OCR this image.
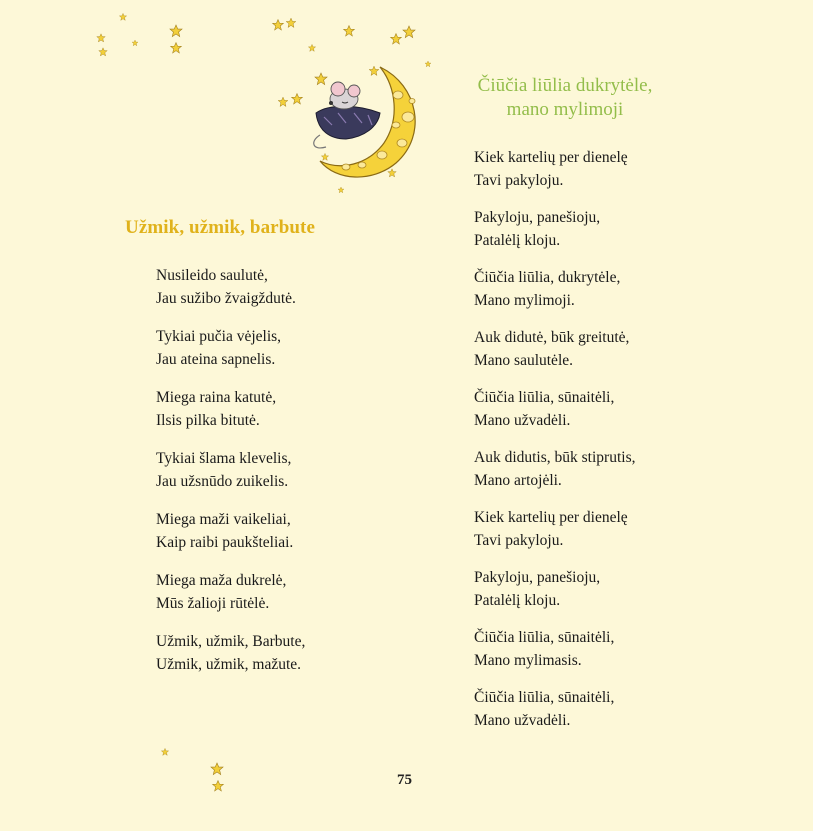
Užmik, užmik, barbute
Nusileido saulutė,
Jau sužibo žvaigždutė.
Tykiai pučia vėjelis,
Jau ateina sapnelis.
Miega raina katutė,
Ilsis pilka bitutė.
Tykiai šlama klevelis,
Jau užsnūdo zuikelis.
Miega maži vaikeliai,
Kaip raibi paukšteliai.
Miega maža dukrelė,
Mūs žalioji rūtėlė.
Užmik, užmik, Barbute,
Užmik, užmik, mažute.
Čiūčia liūlia dukrytėle,
mano mylimoji
Kiek kartelių per dienelę
Tavi pakyloju.
Pakyloju, panešioju,
Patalėlį kloju.
Čiūčia liūlia, dukrytėle,
Mano mylimoji.
Auk didutė, būk greitutė,
Mano saulutėle.
Čiūčia liūlia, sūnaitėli,
Mano užvadėli.
Auk didutis, būk stiprutis,
Mano artojėli.
Kiek kartelių per dienelę
Tavi pakyloju.
Pakyloju, panešioju,
Patalėlį kloju.
Čiūčia liūlia, sūnaitėli,
Mano mylimasis.
Čiūčia liūlia, sūnaitėli,
Mano užvadėli.
75
